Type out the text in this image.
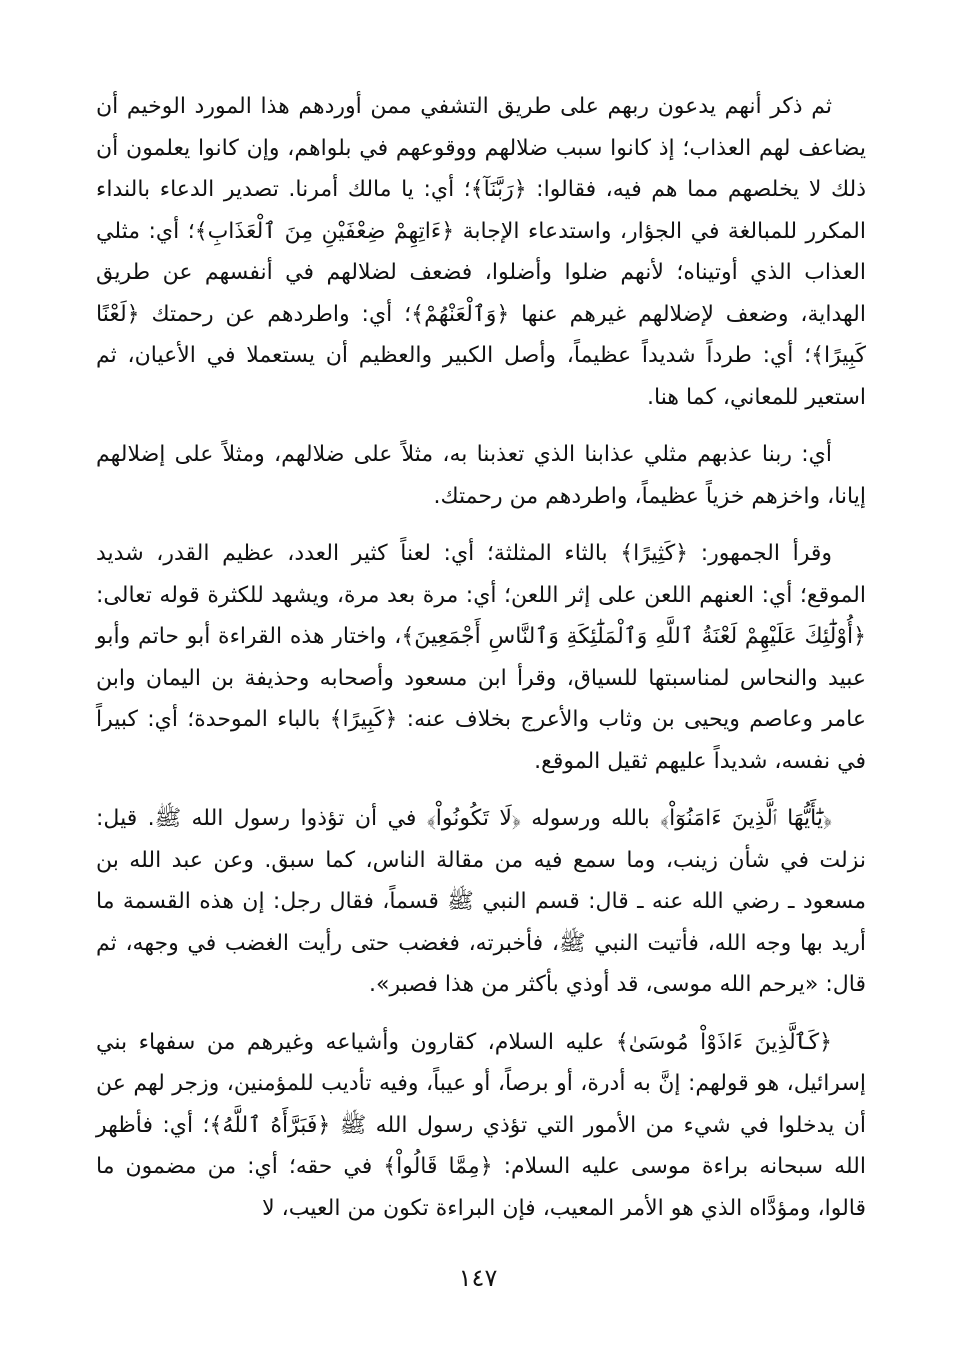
ثم ذكر أنهم يدعون ربهم على طريق التشفي ممن أوردهم هذا المورد الوخيم أن يضاعف لهم العذاب؛ إذ كانوا سبب ضلالهم ووقوعهم في بلواهم، وإن كانوا يعلمون أن ذلك لا يخلصهم مما هم فيه، فقالوا: ﴿رَبَّنَآ﴾؛ أي: يا مالك أمرنا. تصدير الدعاء بالنداء المكرر للمبالغة في الجؤار، واستدعاء الإجابة ﴿ءَاتِهِمْ ضِعْفَيْنِ مِنَ ٱلْعَذَابِ﴾؛ أي: مثلي العذاب الذي أوتيناه؛ لأنهم ضلوا وأضلوا، فضعف لضلالهم في أنفسهم عن طريق الهداية، وضعف لإضلالهم غيرهم عنها ﴿وَٱلْعَنْهُمْ﴾؛ أي: واطردهم عن رحمتك ﴿لَعْنًا كَبِيرًا﴾؛ أي: طرداً شديداً عظيماً، وأصل الكبير والعظيم أن يستعملا في الأعيان، ثم استعير للمعاني، كما هنا.

أي: ربنا عذبهم مثلي عذابنا الذي تعذبنا به، مثلاً على ضلالهم، ومثلاً على إضلالهم إيانا، واخزهم خزياً عظيماً، واطردهم من رحمتك.

وقرأ الجمهور: ﴿كَثِيرًا﴾ بالثاء المثلثة؛ أي: لعناً كثير العدد، عظيم القدر، شديد الموقع؛ أي: العنهم اللعن على إثر اللعن؛ أي: مرة بعد مرة، ويشهد للكثرة قوله تعالى: ﴿أُوْلَٰٓئِكَ عَلَيْهِمْ لَعْنَةُ ٱللَّهِ وَٱلْمَلَٰٓئِكَةِ وَٱلنَّاسِ أَجْمَعِينَ﴾، واختار هذه القراءة أبو حاتم وأبو عبيد والنحاس لمناسبتها للسياق، وقرأ ابن مسعود وأصحابه وحذيفة بن اليمان وابن عامر وعاصم ويحيى بن وثاب والأعرج بخلاف عنه: ﴿كَبِيرًا﴾ بالباء الموحدة؛ أي: كبيراً في نفسه، شديداً عليهم ثقيل الموقع.

﴿يَٰٓأَيُّهَا ٱلَّذِينَ ءَامَنُوٓاْ﴾ بالله ورسوله ﴿لَا تَكُونُواْ﴾ في أن تؤذوا رسول الله ﷺ. قيل: نزلت في شأن زينب، وما سمع فيه من مقالة الناس، كما سبق. وعن عبد الله بن مسعود ـ رضي الله عنه ـ قال: قسم النبي ﷺ قسماً، فقال رجل: إن هذه القسمة ما أريد بها وجه الله، فأتيت النبي ﷺ، فأخبرته، فغضب حتى رأيت الغضب في وجهه، ثم قال: «يرحم الله موسى، قد أوذي بأكثر من هذا فصبر».

﴿كَٱلَّذِينَ ءَاذَوْاْ مُوسَىٰ﴾ عليه السلام، كقارون وأشياعه وغيرهم من سفهاء بني إسرائيل، هو قولهم: إنَّ به أدرة، أو برصاً، أو عيباً، وفيه تأديب للمؤمنين، وزجر لهم عن أن يدخلوا في شيء من الأمور التي تؤذي رسول الله ﷺ ﴿فَبَرَّأَهُ ٱللَّهُ﴾؛ أي: فأظهر الله سبحانه براءة موسى عليه السلام: ﴿مِمَّا قَالُواْ﴾ في حقه؛ أي: من مضمون ما قالوا، ومؤدَّاه الذي هو الأمر المعيب، فإن البراءة تكون من العيب، لا

١٤٧
